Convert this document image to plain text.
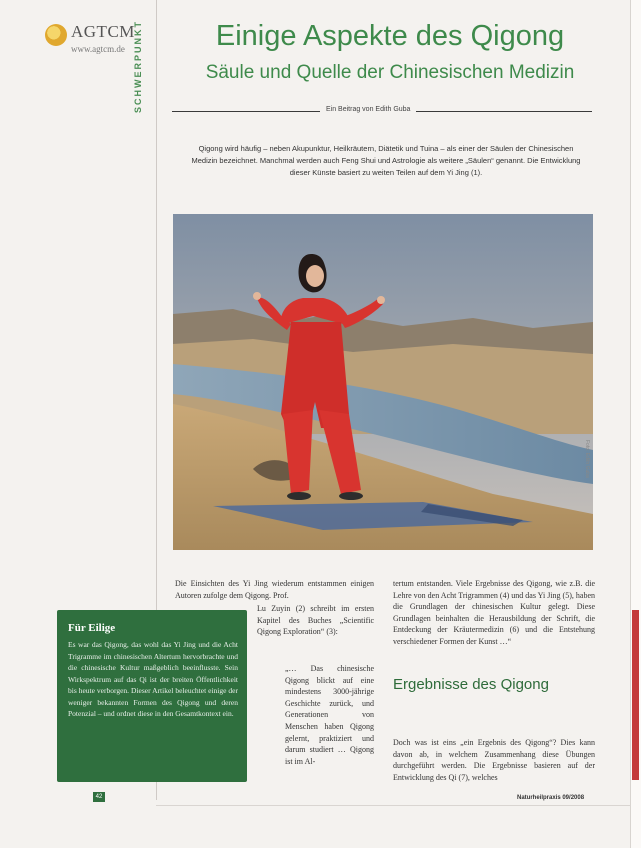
AGTCM
www.agtcm.de SCHWERPUNKT	Einige Aspekte des Qigong
Säule und Quelle der Chinesischen Medizin
Ein Beitrag von Edith Guba
Qigong wird häufig – neben Akupunktur, Heilkräutern, Diätetik und Tuina – als einer der Säulen der Chinesischen Medizin bezeichnet. Manchmal werden auch Feng Shui und Astrologie als weitere „Säulen“ genannt. Die Entwicklung dieser Künste basiert zu weiten Teilen auf dem Yi Jing (1).
Foto: Edith Guba
Die Einsichten des Yi Jing wiederum entstammen einigen Autoren zufolge dem Qigong. Prof.
Lu Zuyin (2) schreibt im ersten Kapitel des Buches „Scientific Qigong Exploration“ (3):
„… Das chinesische Qigong blickt auf eine mindestens 3000-jährige Geschichte zurück, und Generationen von Menschen haben Qigong gelernt, praktiziert und darum studiert … Qigong ist im Al-
tertum entstanden. Viele Ergebnisse des Qigong, wie z.B. die Lehre von den Acht Trigrammen (4) und das Yi Jing (5), haben die Grundlagen der chinesischen Kultur gelegt. Diese Grundlagen beinhalten die Herausbildung der Schrift, die Entdeckung der Kräutermedizin (6) und die Entstehung verschiedener Formen der Kunst …“
Ergebnisse des Qigong
Doch was ist eins „ein Ergebnis des Qigong“? Dies kann davon ab, in welchem Zusammenhang diese Übungen durchgeführt werden. Die Ergebnisse basieren auf der Entwicklung des Qi (7), welches
Für Eilige
Es war das Qigong, das wohl das Yi Jing und die Acht Trigramme im chinesischen Altertum hervorbrachte und die chinesische Kultur maßgeblich beeinflusste. Sein Wirkspektrum auf das Qi ist der breiten Öffentlichkeit bis heute verborgen. Dieser Artikel beleuchtet einige der weniger bekannten Formen des Qigong und deren Potenzial – und ordnet diese in den Gesamtkontext ein.
42	Naturheilpraxis 09/2008
